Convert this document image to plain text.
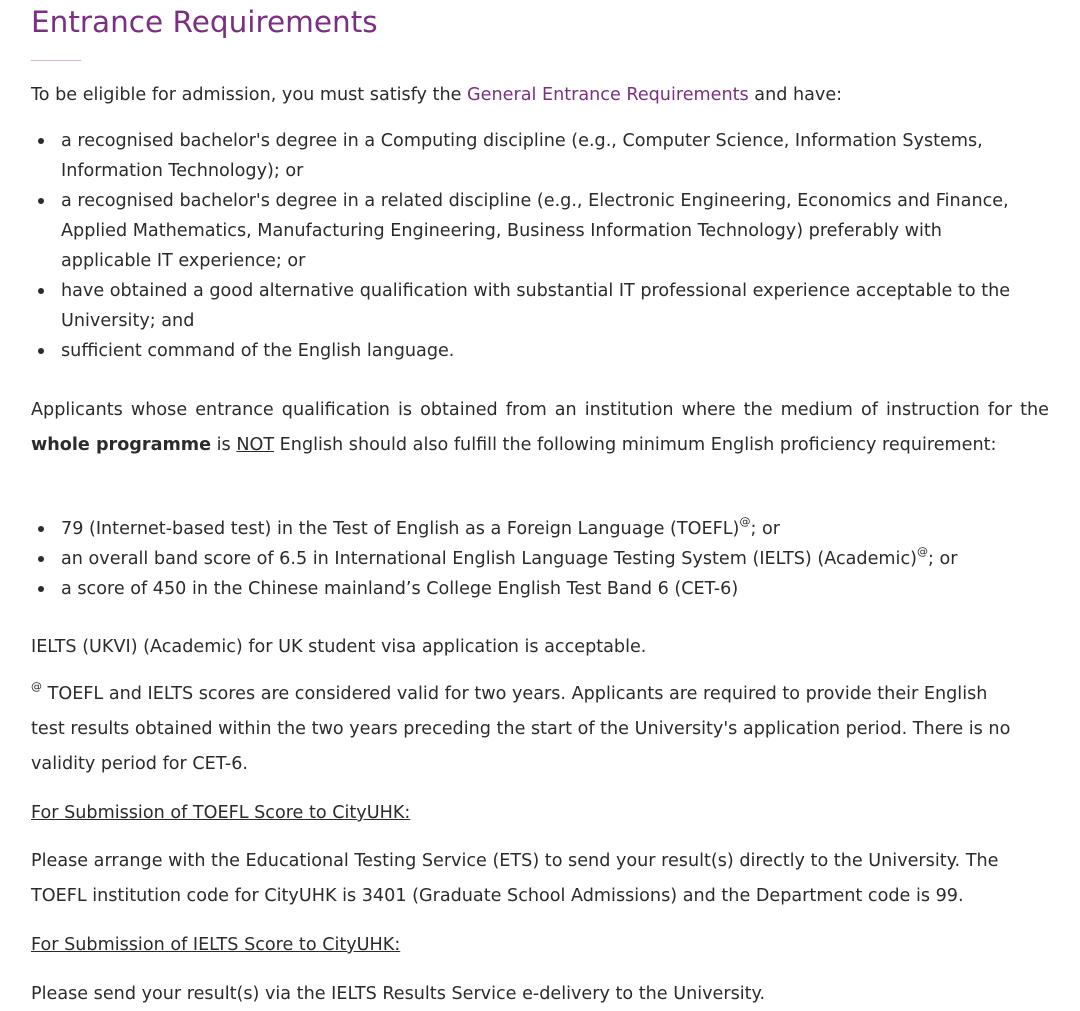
Entrance Requirements

To be eligible for admission, you must satisfy the General Entrance Requirements and have:

a recognised bachelor's degree in a Computing discipline (e.g., Computer Science, Information Systems,
Information Technology); or
a recognised bachelor's degree in a related discipline (e.g., Electronic Engineering, Economics and Finance,
Applied Mathematics, Manufacturing Engineering, Business Information Technology) preferably with
applicable IT experience; or
have obtained a good alternative qualification with substantial IT professional experience acceptable to the
University; and
sufficient command of the English language.

Applicants whose entrance qualification is obtained from an institution where the medium of instruction for the whole programme is NOT English should also fulfill the following minimum English proficiency requirement:

79 (Internet-based test) in the Test of English as a Foreign Language (TOEFL)@; or
an overall band score of 6.5 in International English Language Testing System (IELTS) (Academic)@; or
a score of 450 in the Chinese mainland’s College English Test Band 6 (CET-6)

IELTS (UKVI) (Academic) for UK student visa application is acceptable.

@ TOEFL and IELTS scores are considered valid for two years. Applicants are required to provide their English
test results obtained within the two years preceding the start of the University's application period. There is no
validity period for CET-6.

For Submission of TOEFL Score to CityUHK:

Please arrange with the Educational Testing Service (ETS) to send your result(s) directly to the University. The
TOEFL institution code for CityUHK is 3401 (Graduate School Admissions) and the Department code is 99.

For Submission of IELTS Score to CityUHK:

Please send your result(s) via the IELTS Results Service e-delivery to the University.
